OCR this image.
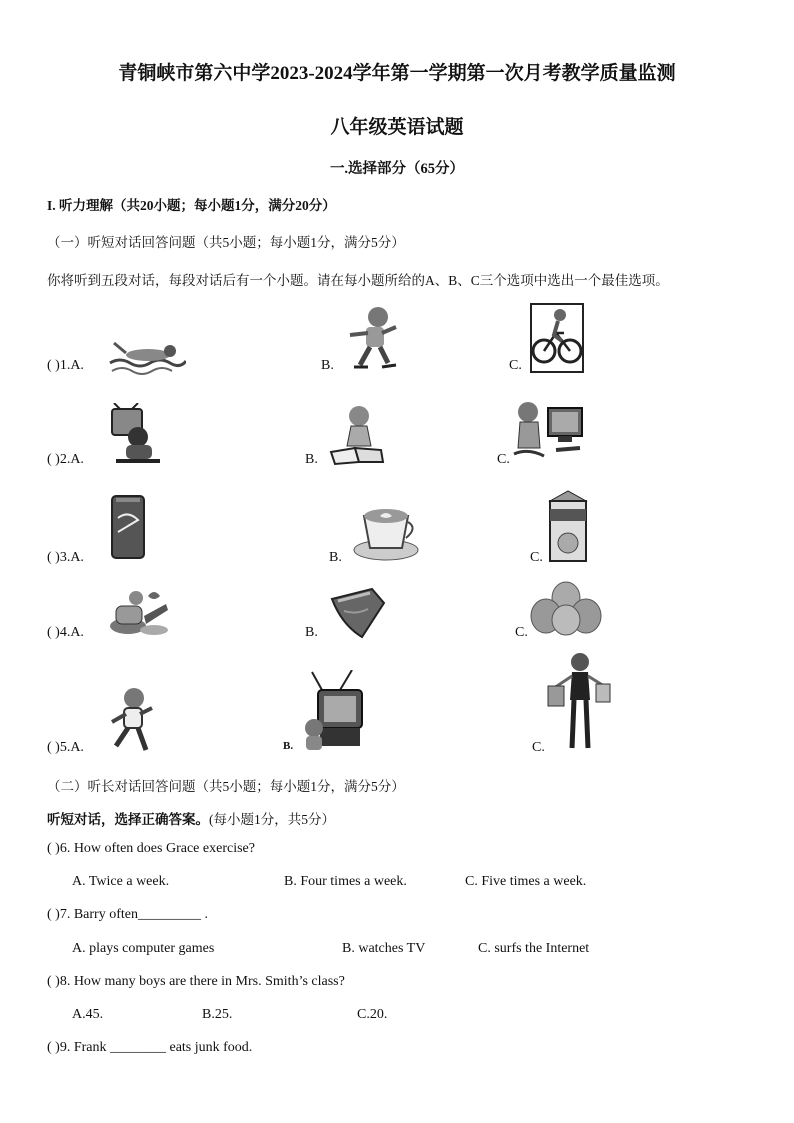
青铜峡市第六中学2023-2024学年第一学期第一次月考教学质量监测
八年级英语试题
一.选择部分（65分）
I. 听力理解（共20小题；每小题1分，满分20分）
（一）听短对话回答问题（共5小题；每小题1分，满分5分）
你将听到五段对话，每段对话后有一个小题。请在每小题所给的A、B、C三个选项中选出一个最佳选项。
( )1.A.	B.	C.
( )2.A.	B.	C.
( )3.A.	B.	C.
( )4.A.	B.	C.
( )5.A.	B.	C.
（二）听长对话回答问题（共5小题；每小题1分，满分5分）
听短对话，选择正确答案。(每小题1分，共5分）
( )6. How often does Grace exercise?
A. Twice a week.	B. Four times a week.	C. Five times a week.
( )7. Barry often_________ .
A. plays computer games	B. watches TV	C. surfs the Internet
( )8. How many boys are there in Mrs. Smith’s class?
A.45.	B.25.	C.20.
( )9. Frank ________ eats junk food.
